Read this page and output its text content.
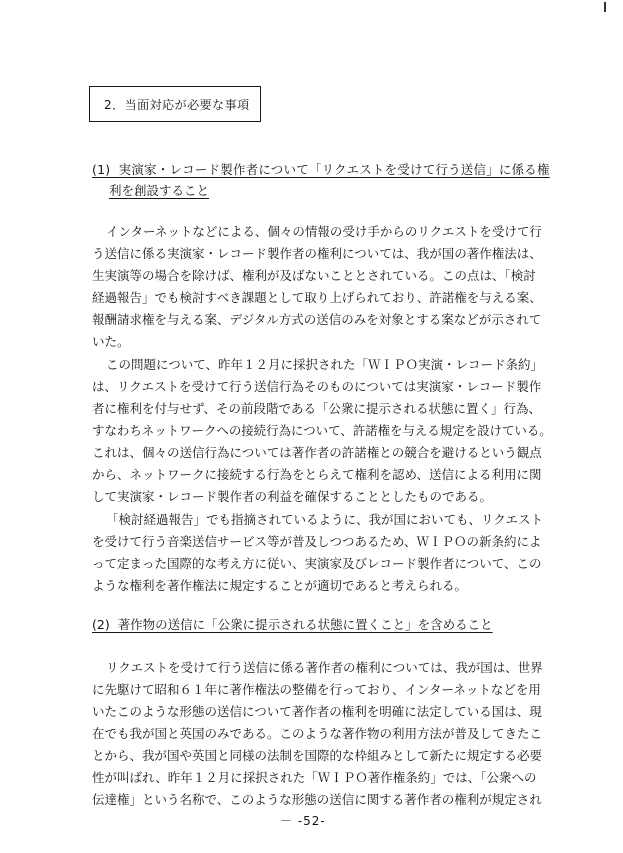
2．当面対応が必要な事項
(1)  実演家・レコード製作者について「リクエストを受けて行う送信」に係る権
利を創設すること
インターネットなどによる、個々の情報の受け手からのリクエストを受けて行
う送信に係る実演家・レコード製作者の権利については、我が国の著作権法は、
生実演等の場合を除けば、権利が及ばないこととされている。この点は、「検討
経過報告」でも検討すべき課題として取り上げられており、許諾権を与える案、
報酬請求権を与える案、デジタル方式の送信のみを対象とする案などが示されて
いた。
この問題について、昨年１２月に採択された「ＷＩＰＯ実演・レコード条約」
は、リクエストを受けて行う送信行為そのものについては実演家・レコード製作
者に権利を付与せず、その前段階である「公衆に提示される状態に置く」行為、
すなわちネットワークへの接続行為について、許諾権を与える規定を設けている。
これは、個々の送信行為については著作者の許諾権との競合を避けるという観点
から、ネットワークに接続する行為をとらえて権利を認め、送信による利用に関
して実演家・レコード製作者の利益を確保することとしたものである。
「検討経過報告」でも指摘されているように、我が国においても、リクエスト
を受けて行う音楽送信サービス等が普及しつつあるため、ＷＩＰＯの新条約によ
って定まった国際的な考え方に従い、実演家及びレコード製作者について、この
ような権利を著作権法に規定することが適切であると考えられる。
(2)  著作物の送信に「公衆に提示される状態に置くこと」を含めること
リクエストを受けて行う送信に係る著作者の権利については、我が国は、世界
に先駆けて昭和６１年に著作権法の整備を行っており、インターネットなどを用
いたこのような形態の送信について著作者の権利を明確に法定している国は、現
在でも我が国と英国のみである。このような著作物の利用方法が普及してきたこ
とから、我が国や英国と同様の法制を国際的な枠組みとして新たに規定する必要
性が叫ばれ、昨年１２月に採択された「ＷＩＰＯ著作権条約」では、「公衆への
伝達権」という名称で、このような形態の送信に関する著作者の権利が規定され
－ -52-
